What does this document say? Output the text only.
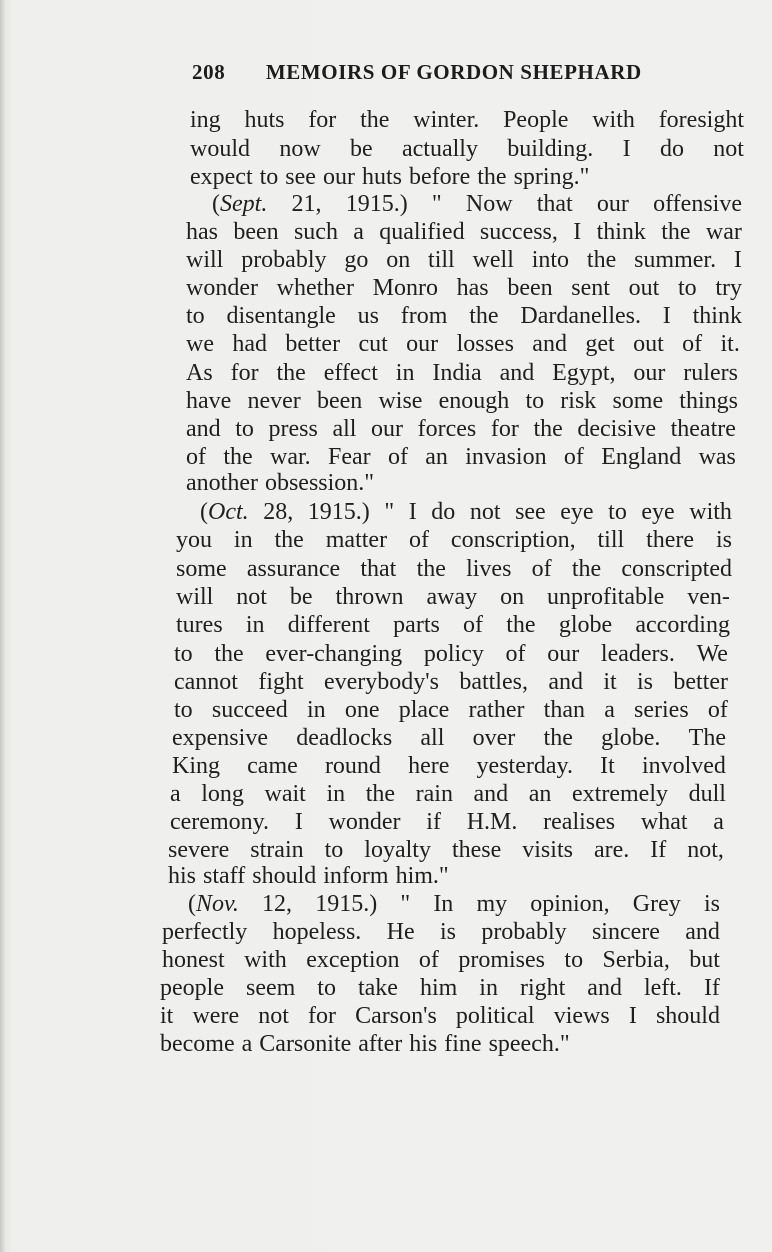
208 MEMOIRS OF GORDON SHEPHARD
ing huts for the winter. People with foresight
would now be actually building. I do not
expect to see our huts before the spring."
(Sept. 21, 1915.) " Now that our offensive
has been such a qualified success, I think the war
will probably go on till well into the summer. I
wonder whether Monro has been sent out to try
to disentangle us from the Dardanelles. I think
we had better cut our losses and get out of it.
As for the effect in India and Egypt, our rulers
have never been wise enough to risk some things
and to press all our forces for the decisive theatre
of the war. Fear of an invasion of England was
another obsession."
(Oct. 28, 1915.) " I do not see eye to eye with
you in the matter of conscription, till there is
some assurance that the lives of the conscripted
will not be thrown away on unprofitable ven-
tures in different parts of the globe according
to the ever-changing policy of our leaders. We
cannot fight everybody's battles, and it is better
to succeed in one place rather than a series of
expensive deadlocks all over the globe. The
King came round here yesterday. It involved
a long wait in the rain and an extremely dull
ceremony. I wonder if H.M. realises what a
severe strain to loyalty these visits are. If not,
his staff should inform him."
(Nov. 12, 1915.) " In my opinion, Grey is
perfectly hopeless. He is probably sincere and
honest with exception of promises to Serbia, but
people seem to take him in right and left. If
it were not for Carson's political views I should
become a Carsonite after his fine speech."
